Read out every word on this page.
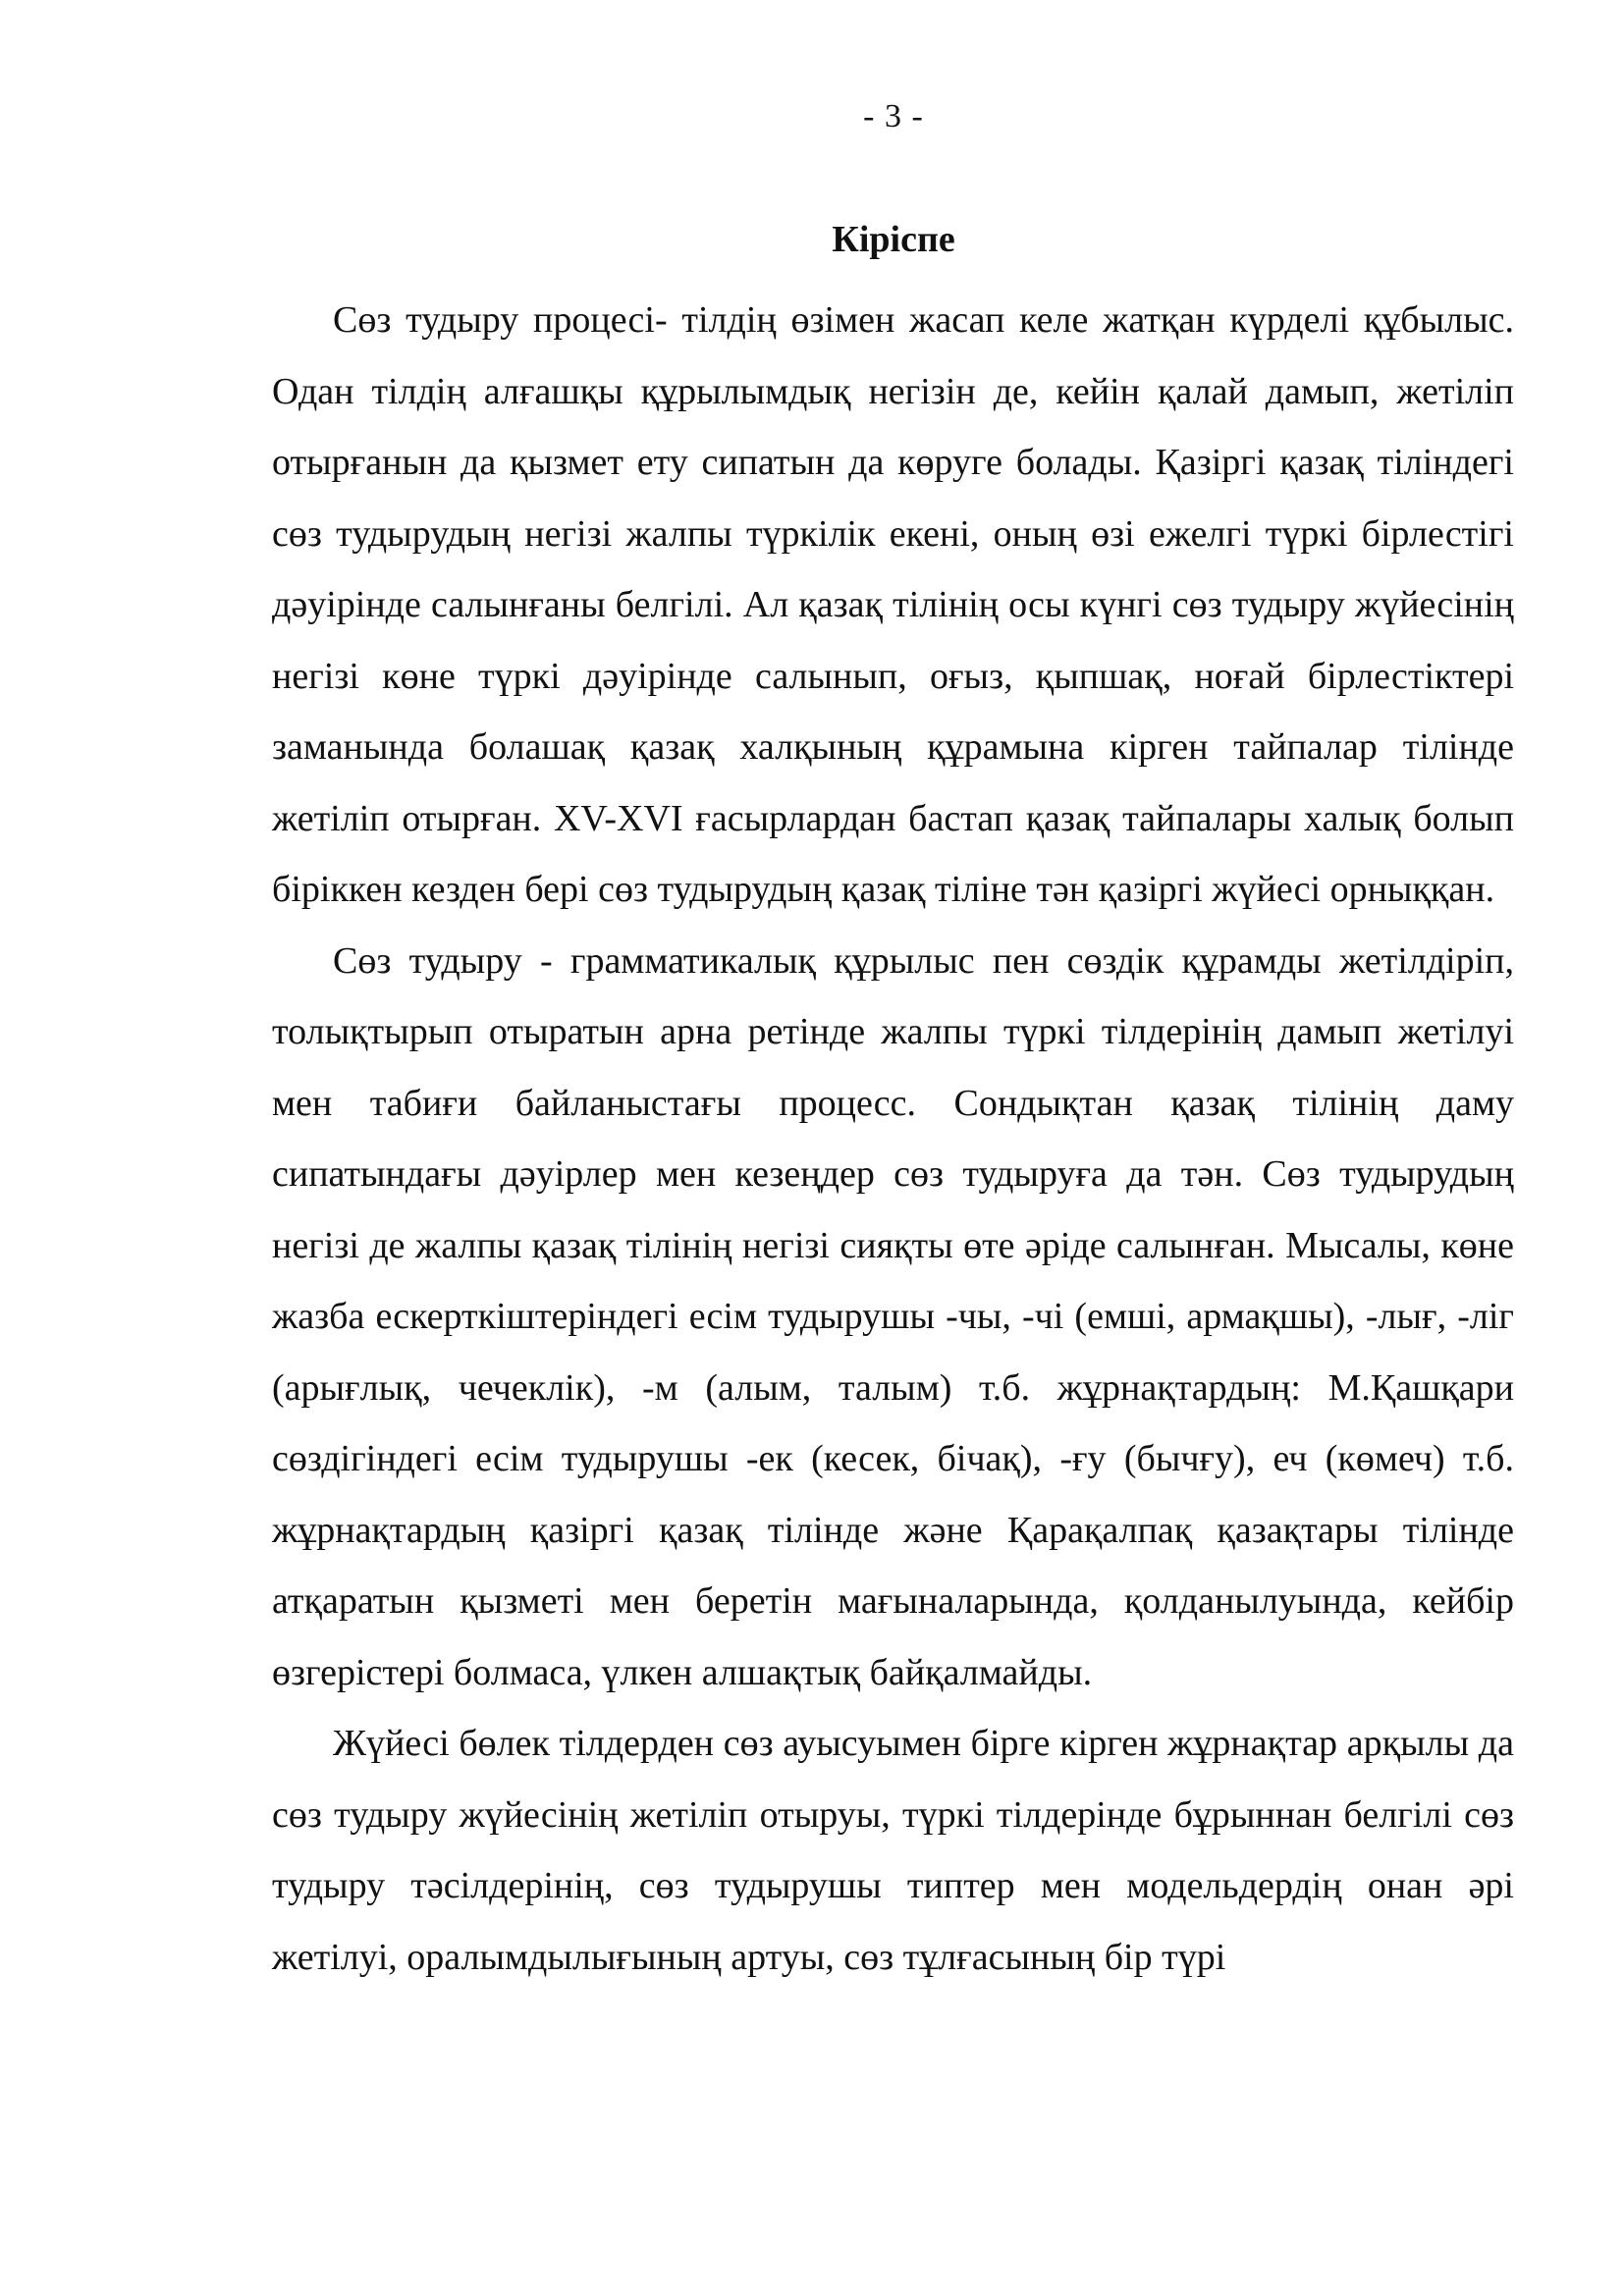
- 3 -
Кіріспе

Сөз тудыру процесі- тілдің өзімен жасап келе жатқан күрделі құбылыс. Одан тілдің алғашқы құрылымдық негізін де, кейін қалай дамып, жетіліп отырғанын да қызмет ету сипатын да көруге болады. Қазіргі қазақ тіліндегі сөз тудырудың негізі жалпы түркілік екені, оның өзі ежелгі түркі бірлестігі дәуірінде салынғаны белгілі. Ал қазақ тілінің осы күнгі сөз тудыру жүйесінің негізі көне түркі дәуірінде салынып, оғыз, қыпшақ, ноғай бірлестіктері заманында болашақ қазақ халқының құрамына кірген тайпалар тілінде жетіліп отырған. XV-XVI ғасырлардан бастап қазақ тайпалары халық болып біріккен кезден бері сөз тудырудың қазақ тіліне тән қазіргі жүйесі орныққан.

Сөз тудыру - грамматикалық құрылыс пен сөздік құрамды жетілдіріп, толықтырып отыратын арна ретінде жалпы түркі тілдерінің дамып жетілуі мен табиғи байланыстағы процесс. Сондықтан қазақ тілінің даму сипатындағы дәуірлер мен кезеңдер сөз тудыруға да тән. Сөз тудырудың негізі де жалпы қазақ тілінің негізі сияқты өте әріде салынған. Мысалы, көне жазба ескерткіштеріндегі есім тудырушы -чы, -чі (емші, армақшы), -лығ, -ліг (арығлық, чечеклік), -м (алым, талым) т.б. жұрнақтардың: М.Қашқари сөздігіндегі есім тудырушы -ек (кесек, бічақ), -ғу (бычғу), еч (көмеч) т.б. жұрнақтардың қазіргі қазақ тілінде және Қарақалпақ қазақтары тілінде атқаратын қызметі мен беретін мағыналарында, қолданылуында, кейбір өзгерістері болмаса, үлкен алшақтық байқалмайды.

Жүйесі бөлек тілдерден сөз ауысуымен бірге кірген жұрнақтар арқылы да сөз тудыру жүйесінің жетіліп отыруы, түркі тілдерінде бұрыннан белгілі сөз тудыру тәсілдерінің, сөз тудырушы типтер мен модельдердің онан әрі жетілуі, оралымдылығының артуы, сөз тұлғасының бір түрі
